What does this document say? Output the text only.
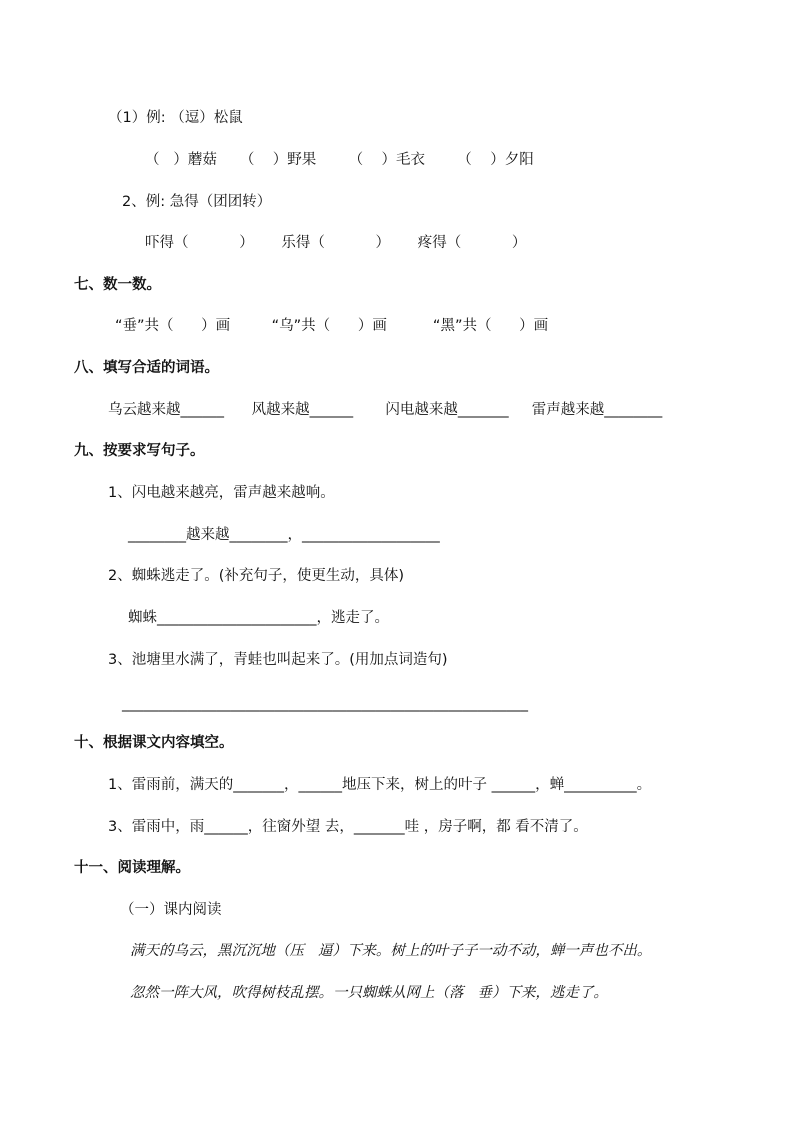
（1）例: （逗）松鼠
（   ）蘑菇     （    ）野果       （    ）毛衣       （    ）夕阳
2、例: 急得（团团转）
吓得（           ）      乐得（           ）      疼得（           ）
七、数一数。
“垂”共（      ）画         “乌”共（      ）画          “黑”共（      ）画
八、填写合适的词语。
乌云越来越______      风越来越______       闪电越来越_______     雷声越来越________
九、按要求写句子。
1、闪电越来越亮，雷声越来越响。
________越来越________，___________________
2、蜘蛛逃走了。(补充句子，使更生动，具体)
蜘蛛______________________，逃走了。
3、池塘里水满了，青蛙也叫起来了。(用加点词造句)
________________________________________________________
十、根据课文内容填空。
1、雷雨前，满天的_______，______地压下来，树上的叶子 ______，蝉__________。
3、雷雨中，雨______，往窗外望 去，_______哇 ，房子啊，都 看不清了。
十一、阅读理解。
（一）课内阅读
满天的乌云，黑沉沉地（压   逼）下来。树上的叶子子一动不动，蝉一声也不出。
忽然一阵大风，吹得树枝乱摆。一只蜘蛛从网上（落   垂）下来，逃走了。
